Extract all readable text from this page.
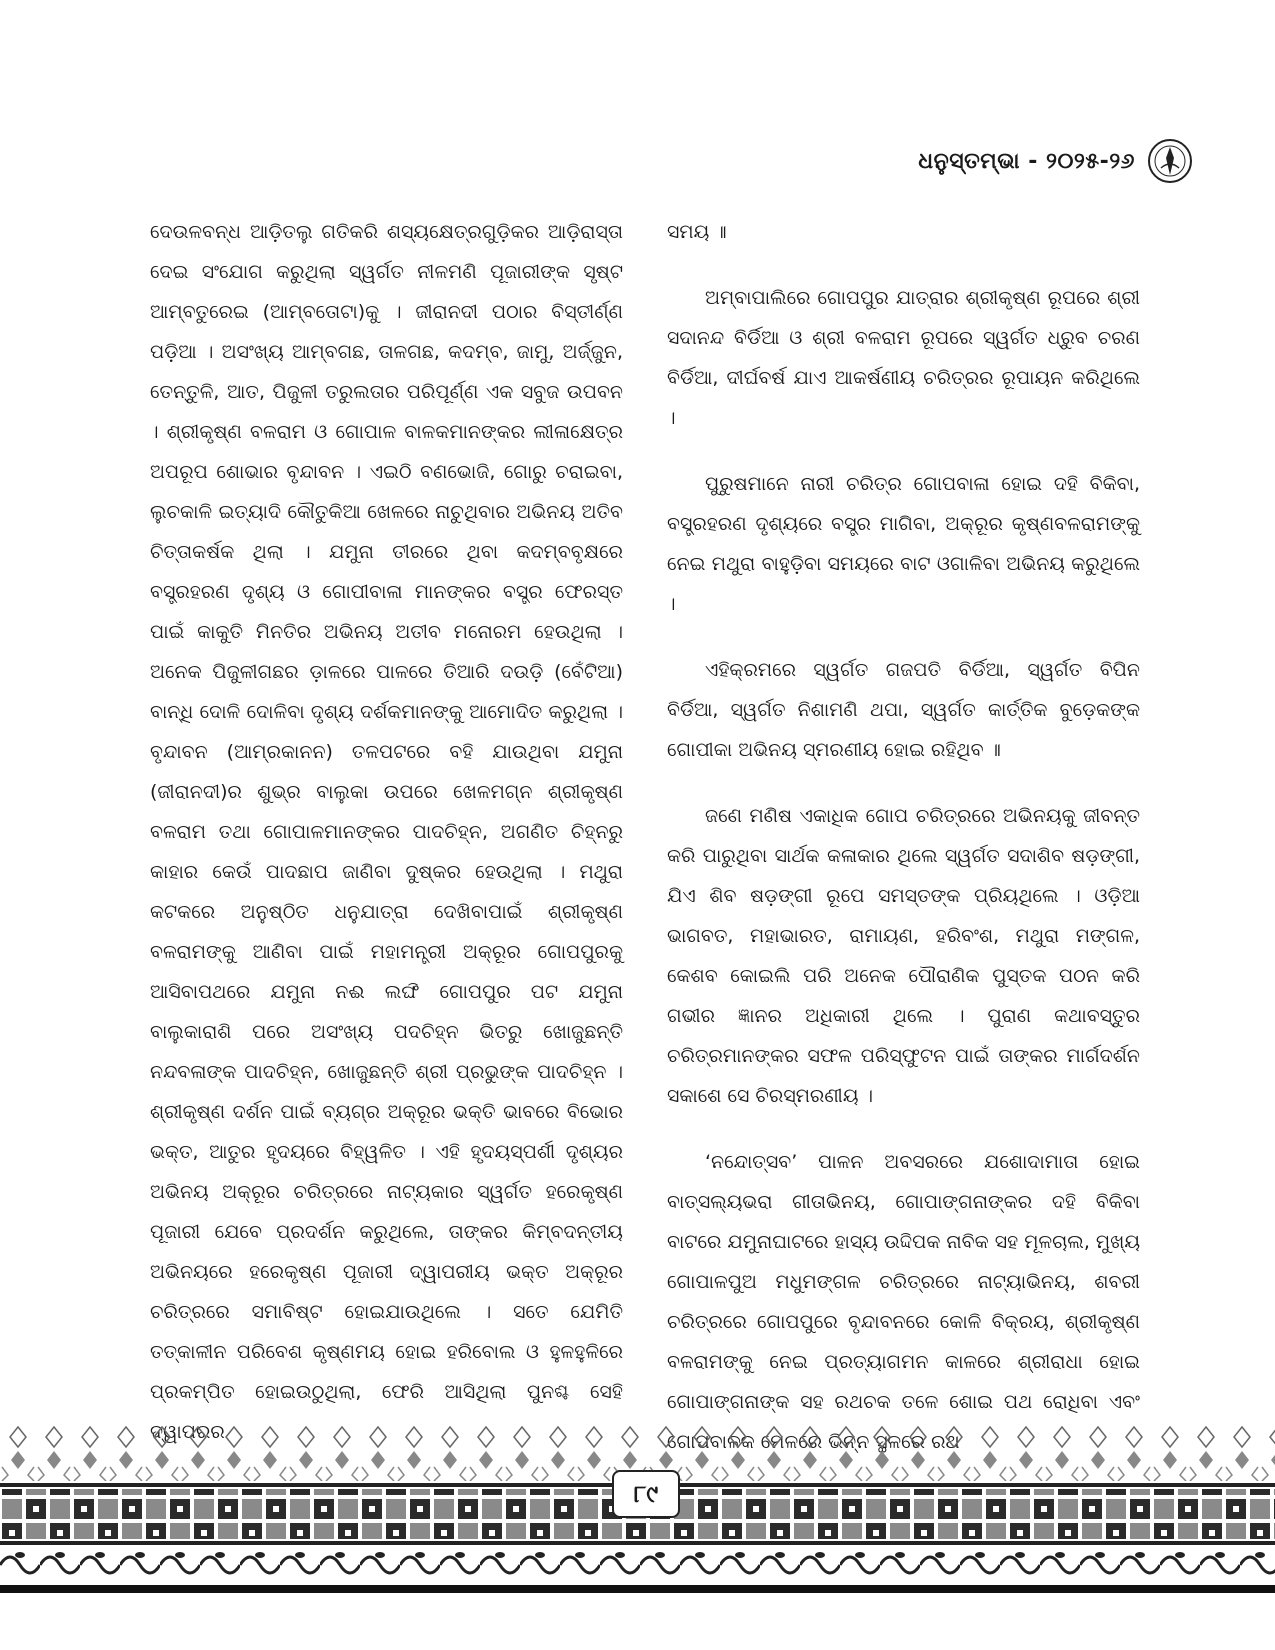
ଧନୁସ୍ତମ୍ଭା - ୨୦୨୫-୨୬

ଦେଉଳବନ୍ଧ ଆଡ଼ିତଲୁ ଗତିକରି ଶସ୍ୟକ୍ଷେତ୍ରଗୁଡ଼ିକର ଆଡ଼ିରାସ୍ତା ଦେଇ ସଂଯୋଗ କରୁଥିଲା ସ୍ୱର୍ଗତ ନୀଳମଣି ପୂଜାରୀଙ୍କ ସୃଷ୍ଟ ଆମ୍ବତୁରେଇ (ଆମ୍ବତୋଟା)କୁ । ଜୀରାନଦୀ ପଠାର ବିସ୍ତୀର୍ଣ୍ଣ ପଡ଼ିଆ । ଅସଂଖ୍ୟ ଆମ୍ବଗଛ, ତାଳଗଛ, କଦମ୍ବ, ଜାମୁ, ଅର୍ଜ୍ଜୁନ, ତେନ୍ତୁଳି, ଆତ, ପିଜୁଳୀ ତରୁଲତାର ପରିପୂର୍ଣ୍ଣ ଏକ ସବୁଜ ଉପବନ । ଶ୍ରୀକୃଷ୍ଣ ବଳରାମ ଓ ଗୋପାଳ ବାଳକମାନଙ୍କର ଲୀଳାକ୍ଷେତ୍ର ଅପରୂପ ଶୋଭାର ବୃନ୍ଦାବନ । ଏଇଠି ବଣଭୋଜି, ଗୋରୁ ଚରାଇବା, ଲୁଚକାଳି ଇତ୍ୟାଦି କୌତୁକିଆ ଖେଳରେ ନାଚୁଥିବାର ଅଭିନୟ ଅତିବ ଚିତ୍ତାକର୍ଷକ ଥିଲା । ଯମୁନା ତୀରରେ ଥିବା କଦମ୍ବବୃକ୍ଷରେ ବସ୍ତ୍ରହରଣ ଦୃଶ୍ୟ ଓ ଗୋପୀବାଳା ମାନଙ୍କର ବସ୍ତ୍ର ଫେରସ୍ତ ପାଇଁ କାକୁତି ମିନତିର ଅଭିନୟ ଅତୀବ ମନୋରମ ହେଉଥିଲା । ଅନେକ ପିଜୁଳୀଗଛର ଡ଼ାଳରେ ପାଳରେ ତିଆରି ଦଉଡ଼ି (ବେଁଟିଆ) ବାନ୍ଧି ଦୋଳି ଦୋଳିବା ଦୃଶ୍ୟ ଦର୍ଶକମାନଙ୍କୁ ଆମୋଦିତ କରୁଥିଲା । ବୃନ୍ଦାବନ (ଆମ୍ରକାନନ) ତଳପଟରେ ବହି ଯାଉଥିବା ଯମୁନା (ଜୀରାନଦୀ)ର ଶୁଭ୍ର ବାଲୁକା ଉପରେ ଖେଳମଗ୍ନ ଶ୍ରୀକୃଷ୍ଣ ବଳରାମ ତଥା ଗୋପାଳମାନଙ୍କର ପାଦଚିହ୍ନ, ଅଗଣିତ ଚିହ୍ନରୁ କାହାର କେଉଁ ପାଦଛାପ ଜାଣିବା ଦୁଷ୍କର ହେଉଥିଲା । ମଥୁରା କଟକରେ ଅନୁଷ୍ଠିତ ଧନୁଯାତ୍ରା ଦେଖିବାପାଇଁ ଶ୍ରୀକୃଷ୍ଣ ବଳରାମଙ୍କୁ ଆଣିବା ପାଇଁ ମହାମନ୍ତ୍ରୀ ଅକ୍ରୂର ଗୋପପୁରକୁ ଆସିବାପଥରେ ଯମୁନା ନଈ ଲଙ୍ଘି ଗୋପପୁର ପଟ ଯମୁନା ବାଲୁକାରାଶି ପରେ ଅସଂଖ୍ୟ ପଦଚିହ୍ନ ଭିତରୁ ଖୋଜୁଛନ୍ତି ନନ୍ଦବଳାଙ୍କ ପାଦଚିହ୍ନ, ଖୋଜୁଛନ୍ତି ଶ୍ରୀ ପ୍ରଭୁଙ୍କ ପାଦଚିହ୍ନ । ଶ୍ରୀକୃଷ୍ଣ ଦର୍ଶନ ପାଇଁ ବ୍ୟଗ୍ର ଅକ୍ରୂର ଭକ୍ତି ଭାବରେ ବିଭୋର ଭକ୍ତ, ଆତୁର ହୃଦୟରେ ବିହ୍ୱଳିତ । ଏହି ହୃଦୟସ୍ପର୍ଶୀ ଦୃଶ୍ୟର ଅଭିନୟ ଅକ୍ରୂର ଚରିତ୍ରରେ ନାଟ୍ୟକାର ସ୍ୱର୍ଗତ ହରେକୃଷ୍ଣ ପୂଜାରୀ ଯେବେ ପ୍ରଦର୍ଶନ କରୁଥିଲେ, ତାଙ୍କର କିମ୍ବଦନ୍ତୀୟ ଅଭିନୟରେ ହରେକୃଷ୍ଣ ପୂଜାରୀ ଦ୍ୱାପରୀୟ ଭକ୍ତ ଅକ୍ରୂର ଚରିତ୍ରରେ ସମାବିଷ୍ଟ ହୋଇଯାଉଥିଲେ । ସତେ ଯେମିତି ତତ୍‌କାଳୀନ ପରିବେଶ କୃଷ୍ଣମୟ ହୋଇ ହରିବୋଲ ଓ ହୁଳହୁଳିରେ ପ୍ରକମ୍ପିତ ହୋଇଉଠୁଥିଲା, ଫେରି ଆସିଥିଲା ପୁନଶ୍ଚ ସେହି

ସମୟ ॥

ଅମ୍ବାପାଲିରେ ଗୋପପୁର ଯାତ୍ରାର ଶ୍ରୀକୃଷ୍ଣ ରୂପରେ ଶ୍ରୀ ସଦାନନ୍ଦ ବିର୍ଡିଆ ଓ ଶ୍ରୀ ବଳରାମ ରୂପରେ ସ୍ୱର୍ଗତ ଧ୍ରୁବ ଚରଣ ବିର୍ଡିଆ, ଦୀର୍ଘବର୍ଷ ଯାଏ ଆକର୍ଷଣୀୟ ଚରିତ୍ରର ରୂପାୟନ କରିଥିଲେ ।

ପୁରୁଷମାନେ ନାରୀ ଚରିତ୍ର ଗୋପବାଳା ହୋଇ ଦହି ବିକିବା, ବସ୍ତ୍ରହରଣ ଦୃଶ୍ୟରେ ବସ୍ତ୍ର ମାଗିବା, ଅକ୍ରୂର କୃଷ୍ଣବଳରାମଙ୍କୁ ନେଇ ମଥୁରା ବାହୁଡ଼ିବା ସମୟରେ ବାଟ ଓଗାଳିବା ଅଭିନୟ କରୁଥିଲେ ।

ଏହିକ୍ରମରେ ସ୍ୱର୍ଗତ ଗଜପତି ବିର୍ଡିଆ, ସ୍ୱର୍ଗତ ବିପିନ ବିର୍ଡିଆ, ସ୍ୱର୍ଗତ ନିଶାମଣି ଥପା, ସ୍ୱର୍ଗତ କାର୍ତ୍ତିକ ବୁଡ଼େକଙ୍କ ଗୋପୀକା ଅଭିନୟ ସ୍ମରଣୀୟ ହୋଇ ରହିଥିବ ॥

ଜଣେ ମଣିଷ ଏକାଧିକ ଗୋପ ଚରିତ୍ରରେ ଅଭିନୟକୁ ଜୀବନ୍ତ କରି ପାରୁଥିବା ସାର୍ଥକ କଳାକାର ଥିଲେ ସ୍ୱର୍ଗତ ସଦାଶିବ ଷଡ଼ଙ୍ଗୀ, ଯିଏ ଶିବ ଷଡ଼ଙ୍ଗୀ ରୂପେ ସମସ୍ତଙ୍କ ପ୍ରିୟଥିଲେ । ଓଡ଼ିଆ ଭାଗବତ, ମହାଭାରତ, ରାମାୟଣ, ହରିବଂଶ, ମଥୁରା ମଙ୍ଗଳ, କେଶବ କୋଇଲି ପରି ଅନେକ ପୌରାଣିକ ପୁସ୍ତକ ପଠନ କରି ଗଭୀର ଜ୍ଞାନର ଅଧିକାରୀ ଥିଲେ । ପୁରାଣ କଥାବସ୍ତୁର ଚରିତ୍ରମାନଙ୍କର ସଫଳ ପରିସ୍ଫୁଟନ ପାଇଁ ତାଙ୍କର ମାର୍ଗଦର୍ଶନ ସକାଶେ ସେ ଚିରସ୍ମରଣୀୟ ।

‘ନନ୍ଦୋତ୍ସବ’ ପାଳନ ଅବସରରେ ଯଶୋଦାମାତା ହୋଇ ବାତ୍ସଲ୍ୟଭରା ଗୀତାଭିନୟ, ଗୋପାଙ୍ଗନାଙ୍କର ଦହି ବିକିବା ବାଟରେ ଯମୁନାଘାଟରେ ହାସ୍ୟ ଉଦ୍ଦିପକ ନାବିକ ସହ ମୂଳଚାଲ, ମୁଖ୍ୟ ଗୋପାଳପୁଅ ମଧୁମଙ୍ଗଳ ଚରିତ୍ରରେ ନାଟ୍ୟାଭିନୟ, ଶବରୀ ଚରିତ୍ରରେ ଗୋପପୁରେ ବୃନ୍ଦାବନରେ କୋଳି ବିକ୍ରୟ, ଶ୍ରୀକୃଷ୍ଣ ବଳରାମଙ୍କୁ ନେଇ ପ୍ରତ୍ୟାଗମନ କାଳରେ ଶ୍ରୀରାଧା ହୋଇ ଗୋପାଙ୍ଗନାଙ୍କ ସହ ରଥଚକ ତଳେ ଶୋଇ ପଥ ରୋଧିବା ଏବଂ

୮୯
